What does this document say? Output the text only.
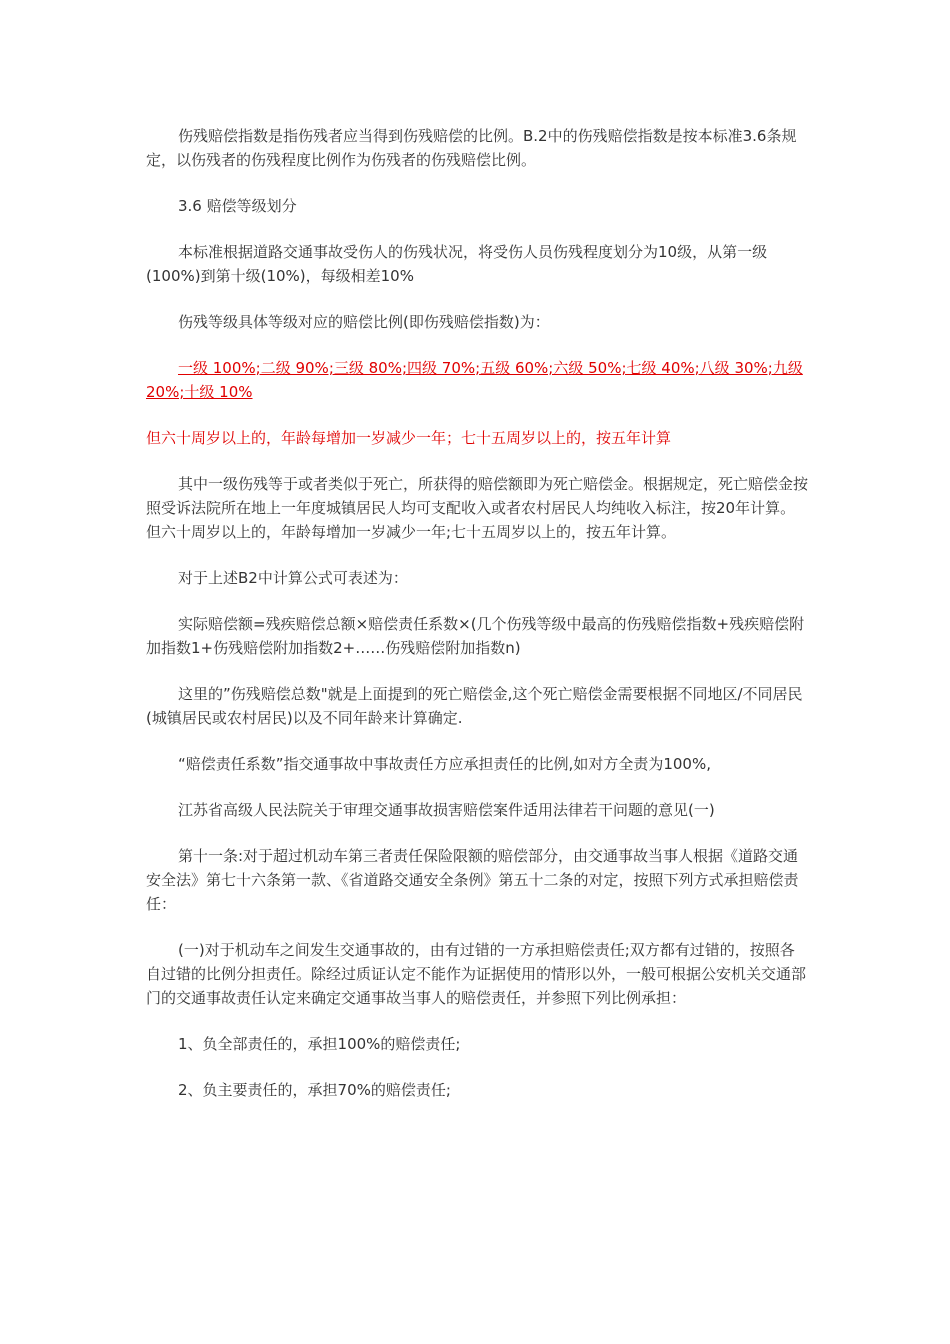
伤残赔偿指数是指伤残者应当得到伤残赔偿的比例。B.2中的伤残赔偿指数是按本标准3.6条规定，以伤残者的伤残程度比例作为伤残者的伤残赔偿比例。

3.6 赔偿等级划分

本标准根据道路交通事故受伤人的伤残状况，将受伤人员伤残程度划分为10级，从第一级(100%)到第十级(10%)，每级相差10%

伤残等级具体等级对应的赔偿比例(即伤残赔偿指数)为：

一级 100%;二级 90%;三级 80%;四级 70%;五级 60%;六级 50%;七级 40%;八级 30%;九级 20%;十级 10%

但六十周岁以上的，年龄每增加一岁减少一年；七十五周岁以上的，按五年计算

其中一级伤残等于或者类似于死亡，所获得的赔偿额即为死亡赔偿金。根据规定，死亡赔偿金按照受诉法院所在地上一年度城镇居民人均可支配收入或者农村居民人均纯收入标注，按20年计算。但六十周岁以上的，年龄每增加一岁减少一年;七十五周岁以上的，按五年计算。

对于上述B2中计算公式可表述为：

实际赔偿额=残疾赔偿总额×赔偿责任系数×(几个伤残等级中最高的伤残赔偿指数+残疾赔偿附加指数1+伤残赔偿附加指数2+……伤残赔偿附加指数n)

这里的”伤残赔偿总数"就是上面提到的死亡赔偿金,这个死亡赔偿金需要根据不同地区/不同居民(城镇居民或农村居民)以及不同年龄来计算确定.

“赔偿责任系数”指交通事故中事故责任方应承担责任的比例,如对方全责为100%,

江苏省高级人民法院关于审理交通事故损害赔偿案件适用法律若干问题的意见(一)

第十一条:对于超过机动车第三者责任保险限额的赔偿部分，由交通事故当事人根据《道路交通安全法》第七十六条第一款、《省道路交通安全条例》第五十二条的对定，按照下列方式承担赔偿责任：

(一)对于机动车之间发生交通事故的，由有过错的一方承担赔偿责任;双方都有过错的，按照各自过错的比例分担责任。除经过质证认定不能作为证据使用的情形以外，一般可根据公安机关交通部门的交通事故责任认定来确定交通事故当事人的赔偿责任，并参照下列比例承担：

1、负全部责任的，承担100%的赔偿责任;

2、负主要责任的，承担70%的赔偿责任;
